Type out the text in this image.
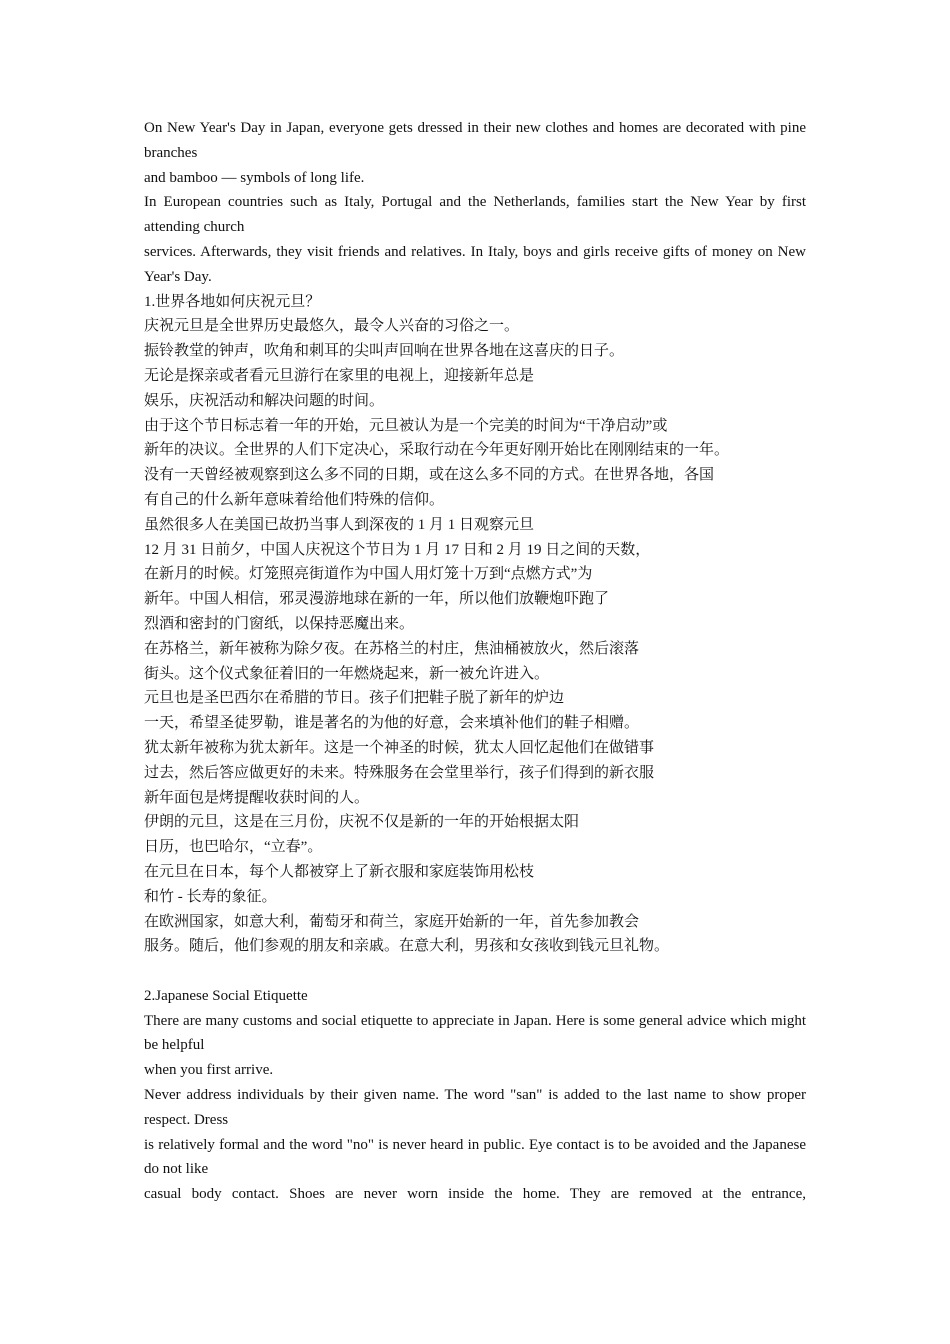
On New Year's Day in Japan, everyone gets dressed in their new clothes and homes are decorated with pine branches

and bamboo — symbols of long life.

In European countries such as Italy, Portugal and the Netherlands, families start the New Year by first attending church

services. Afterwards, they visit friends and relatives. In Italy, boys and girls receive gifts of money on New Year's Day.

1.世界各地如何庆祝元旦？

庆祝元旦是全世界历史最悠久，最令人兴奋的习俗之一。

振铃教堂的钟声，吹角和刺耳的尖叫声回响在世界各地在这喜庆的日子。

无论是探亲或者看元旦游行在家里的电视上，迎接新年总是

娱乐，庆祝活动和解决问题的时间。

由于这个节日标志着一年的开始，元旦被认为是一个完美的时间为“干净启动”或

新年的决议。全世界的人们下定决心，采取行动在今年更好刚开始比在刚刚结束的一年。

没有一天曾经被观察到这么多不同的日期，或在这么多不同的方式。在世界各地，各国

有自己的什么新年意味着给他们特殊的信仰。

虽然很多人在美国已故扔当事人到深夜的 1 月 1 日观察元旦

12 月 31 日前夕，中国人庆祝这个节日为 1 月 17 日和 2 月 19 日之间的天数，

在新月的时候。灯笼照亮街道作为中国人用灯笼十万到“点燃方式”为

新年。中国人相信，邪灵漫游地球在新的一年，所以他们放鞭炮吓跑了

烈酒和密封的门窗纸，以保持恶魔出来。

在苏格兰，新年被称为除夕夜。在苏格兰的村庄，焦油桶被放火，然后滚落

街头。这个仪式象征着旧的一年燃烧起来，新一被允许进入。

元旦也是圣巴西尔在希腊的节日。孩子们把鞋子脱了新年的炉边

一天，希望圣徒罗勒，谁是著名的为他的好意，会来填补他们的鞋子相赠。

犹太新年被称为犹太新年。这是一个神圣的时候，犹太人回忆起他们在做错事

过去，然后答应做更好的未来。特殊服务在会堂里举行，孩子们得到的新衣服

新年面包是烤提醒收获时间的人。

伊朗的元旦，这是在三月份，庆祝不仅是新的一年的开始根据太阳

日历，也巴哈尔，“立春”。

在元旦在日本，每个人都被穿上了新衣服和家庭装饰用松枝

和竹 - 长寿的象征。

在欧洲国家，如意大利，葡萄牙和荷兰，家庭开始新的一年，首先参加教会

服务。随后，他们参观的朋友和亲戚。在意大利，男孩和女孩收到钱元旦礼物。

2.Japanese Social Etiquette

There are many customs and social etiquette to appreciate in Japan. Here is some general advice which might be helpful

when you first arrive.

Never address individuals by their given name. The word "san" is added to the last name to show proper respect. Dress

is relatively formal and the word "no" is never heard in public. Eye contact is to be avoided and the Japanese do not like

casual body contact. Shoes are never worn inside the home. They are removed at the entrance,
